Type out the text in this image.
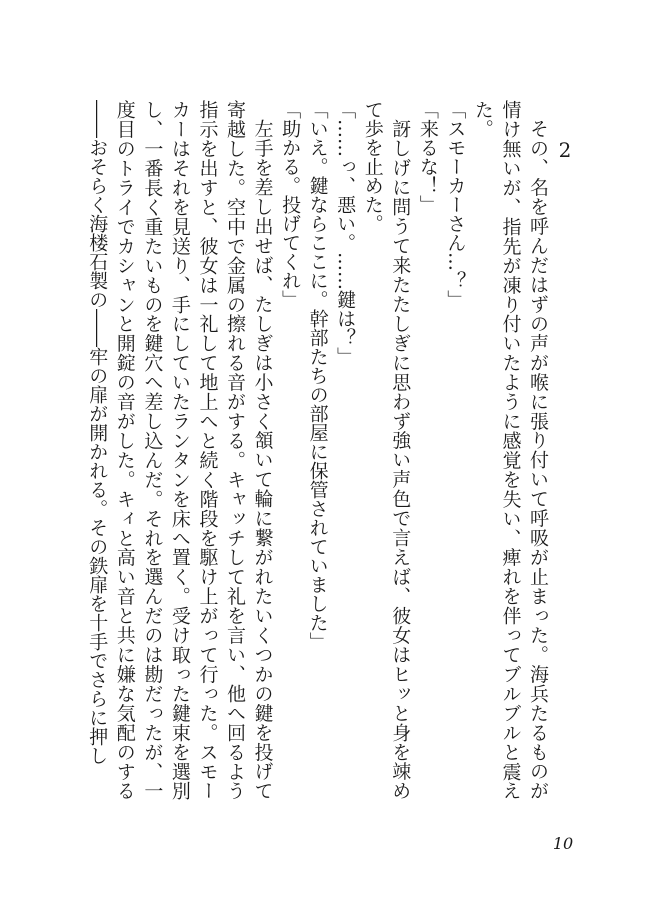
2

その、名を呼んだはずの声が喉に張り付いて呼吸が止まった。海兵たるものが情け無いが、指先が凍り付いたように感覚を失い、痺れを伴ってブルブルと震えた。

「スモーカーさん…？」

「来るな！」

訝しげに問うて来たたしぎに思わず強い声色で言えば、彼女はヒッと身を竦めて歩を止めた。

「……っ、悪い。……鍵は？」

「いえ。鍵ならここに。幹部たちの部屋に保管されていました」

「助かる。投げてくれ」

左手を差し出せば、たしぎは小さく頷いて輪に繋がれたいくつかの鍵を投げて寄越した。空中で金属の擦れる音がする。キャッチして礼を言い、他へ回るよう指示を出すと、彼女は一礼して地上へと続く階段を駆け上がって行った。スモーカーはそれを見送り、手にしていたランタンを床へ置く。受け取った鍵束を選別し、一番長く重たいものを鍵穴へ差し込んだ。それを選んだのは勘だったが、一度目のトライでカシャンと開錠の音がした。キィと高い音と共に嫌な気配のする――おそらく海楼石製の――牢の扉が開かれる。その鉄扉を十手でさらに押し

10
